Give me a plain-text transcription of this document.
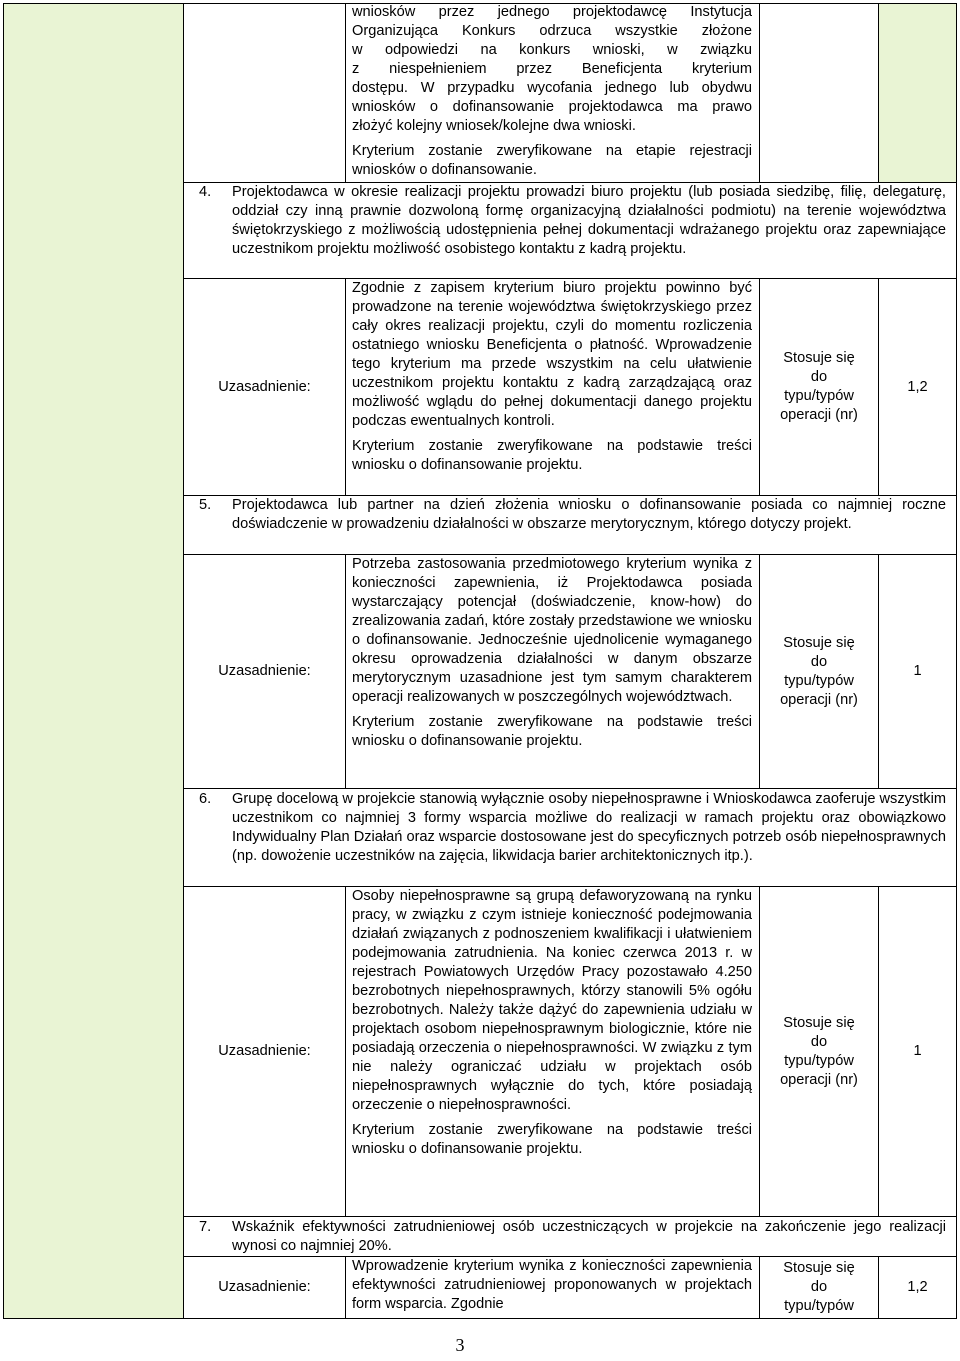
wniosków przez jednego projektodawcę Instytucja
Organizująca Konkurs odrzuca wszystkie złożone
w odpowiedzi na konkurs wnioski, w związku
z niespełnieniem przez Beneficjenta kryterium
dostępu. W przypadku wycofania jednego lub obydwu
wniosków o dofinansowanie projektodawca ma prawo
złożyć kolejny wniosek/kolejne dwa wnioski.
Kryterium zostanie zweryfikowane na etapie rejestracji wniosków o dofinansowanie.
4. Projektodawca w okresie realizacji projektu prowadzi biuro projektu (lub posiada siedzibę, filię, delegaturę, oddział czy inną prawnie dozwoloną formę organizacyjną działalności podmiotu) na terenie województwa świętokrzyskiego z możliwością udostępnienia pełnej dokumentacji wdrażanego projektu oraz zapewniające uczestnikom projektu możliwość osobistego kontaktu z kadrą projektu.
Uzasadnienie:

Zgodnie z zapisem kryterium biuro projektu powinno być prowadzone na terenie województwa świętokrzyskiego przez cały okres realizacji projektu, czyli do momentu rozliczenia ostatniego wniosku Beneficjenta o płatność. Wprowadzenie tego kryterium ma przede wszystkim na celu ułatwienie uczestnikom projektu kontaktu z kadrą zarządzającą oraz możliwość wglądu do pełnej dokumentacji danego projektu podczas ewentualnych kontroli.

Kryterium zostanie zweryfikowane na podstawie treści wniosku o dofinansowanie projektu.

Stosuje się
do
typu/typów
operacji (nr)
1,2
5. Projektodawca lub partner na dzień złożenia wniosku o dofinansowanie posiada co najmniej roczne doświadczenie w prowadzeniu działalności w obszarze merytorycznym, którego dotyczy projekt.
Uzasadnienie:

Potrzeba zastosowania przedmiotowego kryterium wynika z konieczności zapewnienia, iż Projektodawca posiada wystarczający potencjał (doświadczenie, know-how) do zrealizowania zadań, które zostały przedstawione we wniosku o dofinansowanie. Jednocześnie ujednolicenie wymaganego okresu oprowadzenia działalności w danym obszarze merytorycznym uzasadnione jest tym samym charakterem operacji realizowanych w poszczególnych województwach.

Kryterium zostanie zweryfikowane na podstawie treści wniosku o dofinansowanie projektu.

Stosuje się
do
typu/typów
operacji (nr)
1
6. Grupę docelową w projekcie stanowią wyłącznie osoby niepełnosprawne i Wnioskodawca zaoferuje wszystkim uczestnikom co najmniej 3 formy wsparcia możliwe do realizacji w ramach projektu oraz obowiązkowo Indywidualny Plan Działań oraz wsparcie dostosowane jest do specyficznych potrzeb osób niepełnosprawnych (np. dowożenie uczestników na zajęcia, likwidacja barier architektonicznych itp.).
Uzasadnienie:

Osoby niepełnosprawne są grupą defaworyzowaną na rynku pracy, w związku z czym istnieje konieczność podejmowania działań związanych z podnoszeniem kwalifikacji i ułatwieniem podejmowania zatrudnienia. Na koniec czerwca 2013 r. w rejestrach Powiatowych Urzędów Pracy pozostawało 4.250 bezrobotnych niepełnosprawnych, którzy stanowili 5% ogółu bezrobotnych. Należy także dążyć do zapewnienia udziału w projektach osobom niepełnosprawnym biologicznie, które nie posiadają orzeczenia o niepełnosprawności. W związku z tym nie należy ograniczać udziału w projektach osób niepełnosprawnych wyłącznie do tych, które posiadają orzeczenie o niepełnosprawności.

Kryterium zostanie zweryfikowane na podstawie treści wniosku o dofinansowanie projektu.

Stosuje się
do
typu/typów
operacji (nr)
1
7. Wskaźnik efektywności zatrudnieniowej osób uczestniczących w projekcie na zakończenie jego realizacji wynosi co najmniej 20%.
Uzasadnienie:

Wprowadzenie kryterium wynika z konieczności zapewnienia efektywności zatrudnieniowej proponowanych w projektach form wsparcia. Zgodnie

Stosuje się
do
typu/typów
1,2
3
